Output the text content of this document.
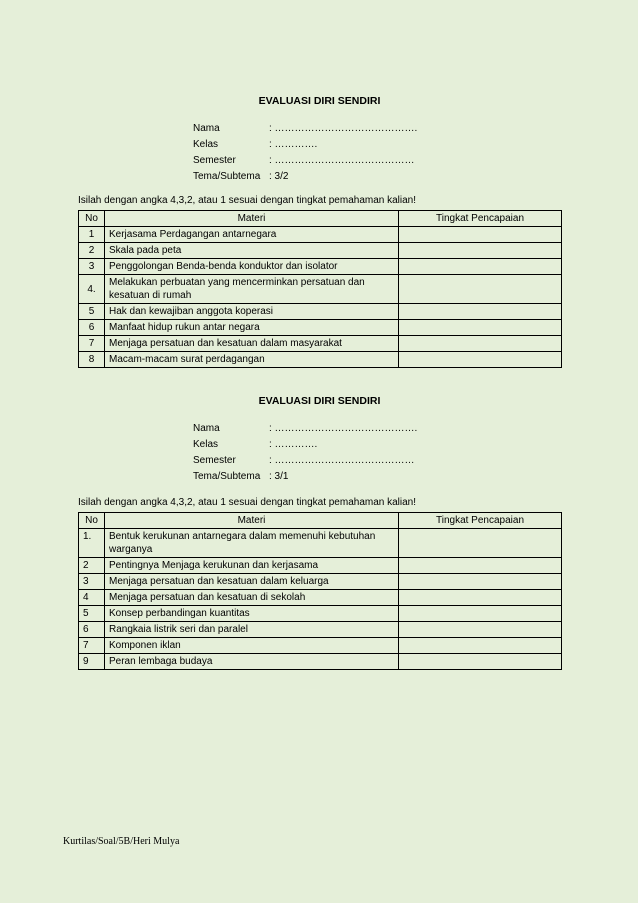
EVALUASI DIRI SENDIRI
Nama	: …………………………………….
Kelas	: ………….
Semester	: ……………………………………
Tema/Subtema : 3/2
Isilah dengan angka 4,3,2, atau 1 sesuai dengan tingkat pemahaman kalian!
No	Materi	Tingkat Pencapaian
1	Kerjasama Perdagangan antarnegara	
2	Skala pada peta	
3	Penggolongan Benda-benda konduktor dan isolator	
4.	Melakukan perbuatan yang mencerminkan persatuan dan kesatuan di rumah	
5	Hak dan kewajiban anggota koperasi	
6	Manfaat hidup rukun antar negara	
7	Menjaga persatuan dan kesatuan dalam masyarakat	
8	Macam-macam surat perdagangan	
EVALUASI DIRI SENDIRI
Nama	: …………………………………….
Kelas	: ………….
Semester	: ……………………………………
Tema/Subtema : 3/1
Isilah dengan angka 4,3,2, atau 1 sesuai dengan tingkat pemahaman kalian!
No	Materi	Tingkat Pencapaian
1.	Bentuk kerukunan antarnegara dalam memenuhi kebutuhan warganya	
2	Pentingnya Menjaga kerukunan dan kerjasama	
3	Menjaga persatuan dan kesatuan dalam keluarga	
4	Menjaga persatuan dan kesatuan di sekolah	
5	Konsep perbandingan kuantitas	
6	Rangkaia listrik seri dan paralel	
7	Komponen iklan	
9	Peran lembaga budaya	
Kurtilas/Soal/5B/Heri Mulya
